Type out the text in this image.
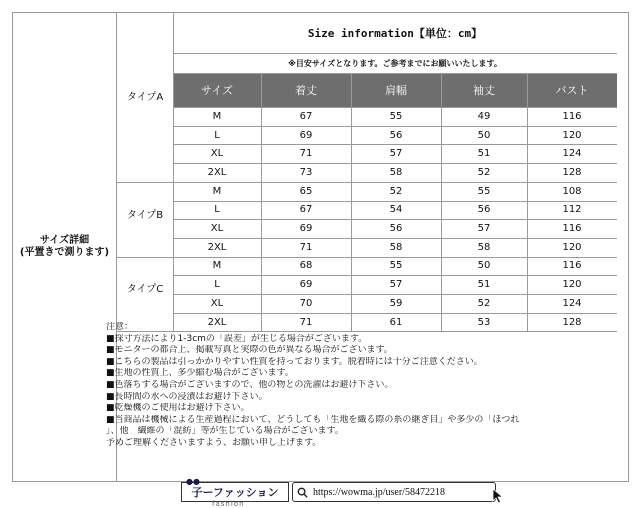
サイズ詳細
(平置きで測ります)
Size information【単位：cm】
※目安サイズとなります。ご参考までにお願いいたします。
サイズ	着丈	肩幅	袖丈	バスト
タイプA
M	67	55	49	116
L	69	56	50	120
XL	71	57	51	124
2XL	73	58	52	128
タイプB
M	65	52	55	108
L	67	54	56	112
XL	69	56	57	116
2XL	71	58	58	120
タイプC
M	68	55	50	116
L	69	57	51	120
XL	70	59	52	124
2XL	71	61	53	128
注意：
■採寸方法により1-3cmの「誤差」が生じる場合がございます。
■モニターの都合上、掲載写真と実際の色が異なる場合がございます。
■こちらの製品は引っかかりやすい性質を持っております。脱着時には十分ご注意ください。
■生地の性質上、多少縮む場合がございます。
■色落ちする場合がございますので、他の物との洗濯はお避け下さい。
■長時間の水への浸漬はお避け下さい。
■乾燥機のご使用はお避け下さい。
■当商品は機械による生産過程において、どうしても「生地を織る際の糸の継ぎ目」や多少の「ほつれ
」、他　繊維の「混紡」等が生じている場合がございます。
予めご理解くださいますよう、お願い申し上げます。
●●
子ーファッション
fashion
https://wowma.jp/user/58472218
